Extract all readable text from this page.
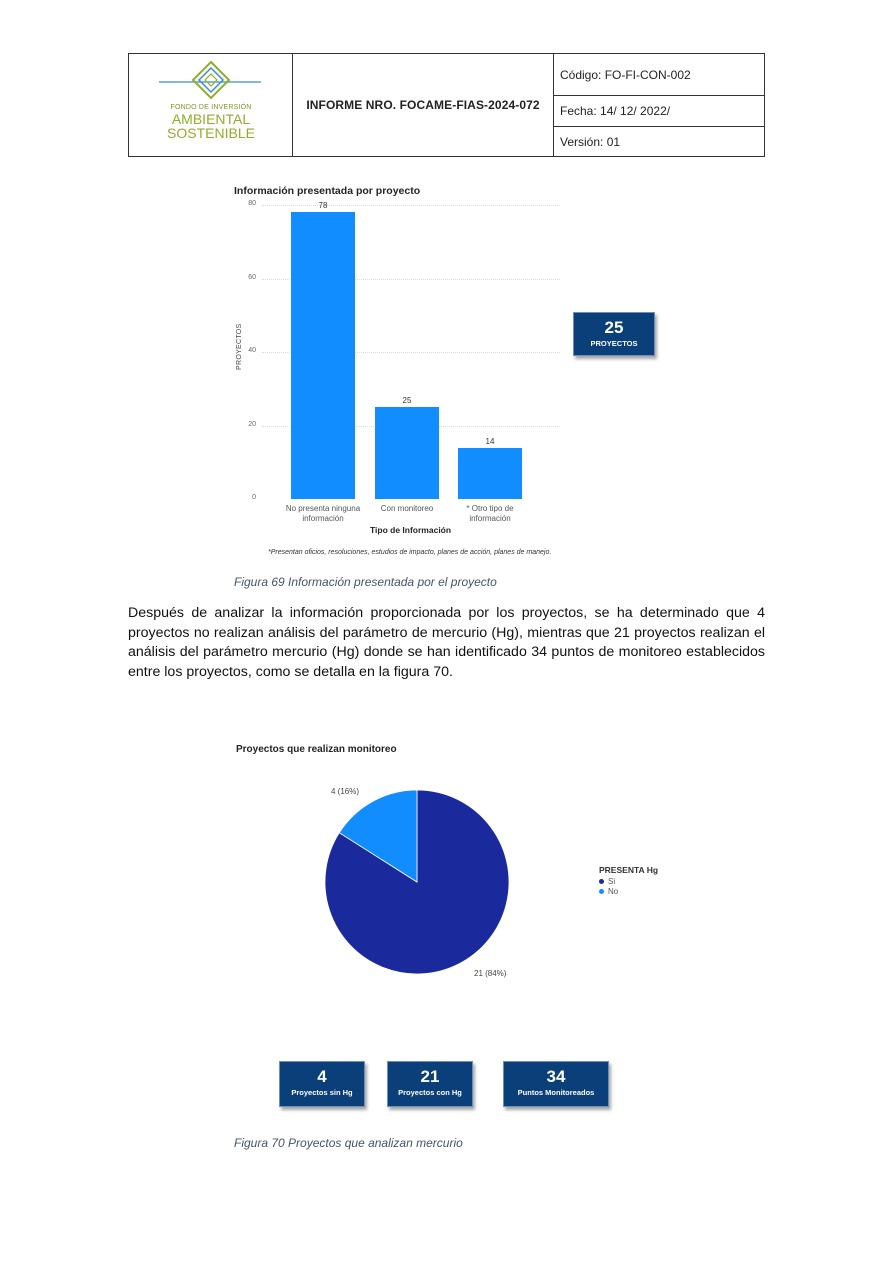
FONDO DE INVERSIÓN
AMBIENTAL
SOSTENIBLE
INFORME NRO. FOCAME-FIAS-2024-072
Código: FO-FI-CON-002
Fecha: 14/ 12/ 2022/
Versión: 01
Información presentada por proyecto
0
20
40
60
80	78
No presenta ninguna
información
25
Con monitoreo
14
* Otro tipo de
información
PROYECTOS
Tipo de Información
*Presentan oficios, resoluciones, estudios de impacto, planes de acción, planes de manejo.
25
PROYECTOS
Figura 69 Información presentada por el proyecto
Después de analizar la información proporcionada por los proyectos, se ha determinado que 4 proyectos no realizan análisis del parámetro de mercurio (Hg), mientras que 21 proyectos realizan el análisis del parámetro mercurio (Hg) donde se han identificado 34 puntos de monitoreo establecidos entre los proyectos, como se detalla en la figura 70.
Proyectos que realizan monitoreo
4 (16%)
21 (84%)
PRESENTA Hg
Si
No
4
Proyectos sin Hg
21
Proyectos con Hg
34
Puntos Monitoreados
Figura 70 Proyectos que analizan mercurio
